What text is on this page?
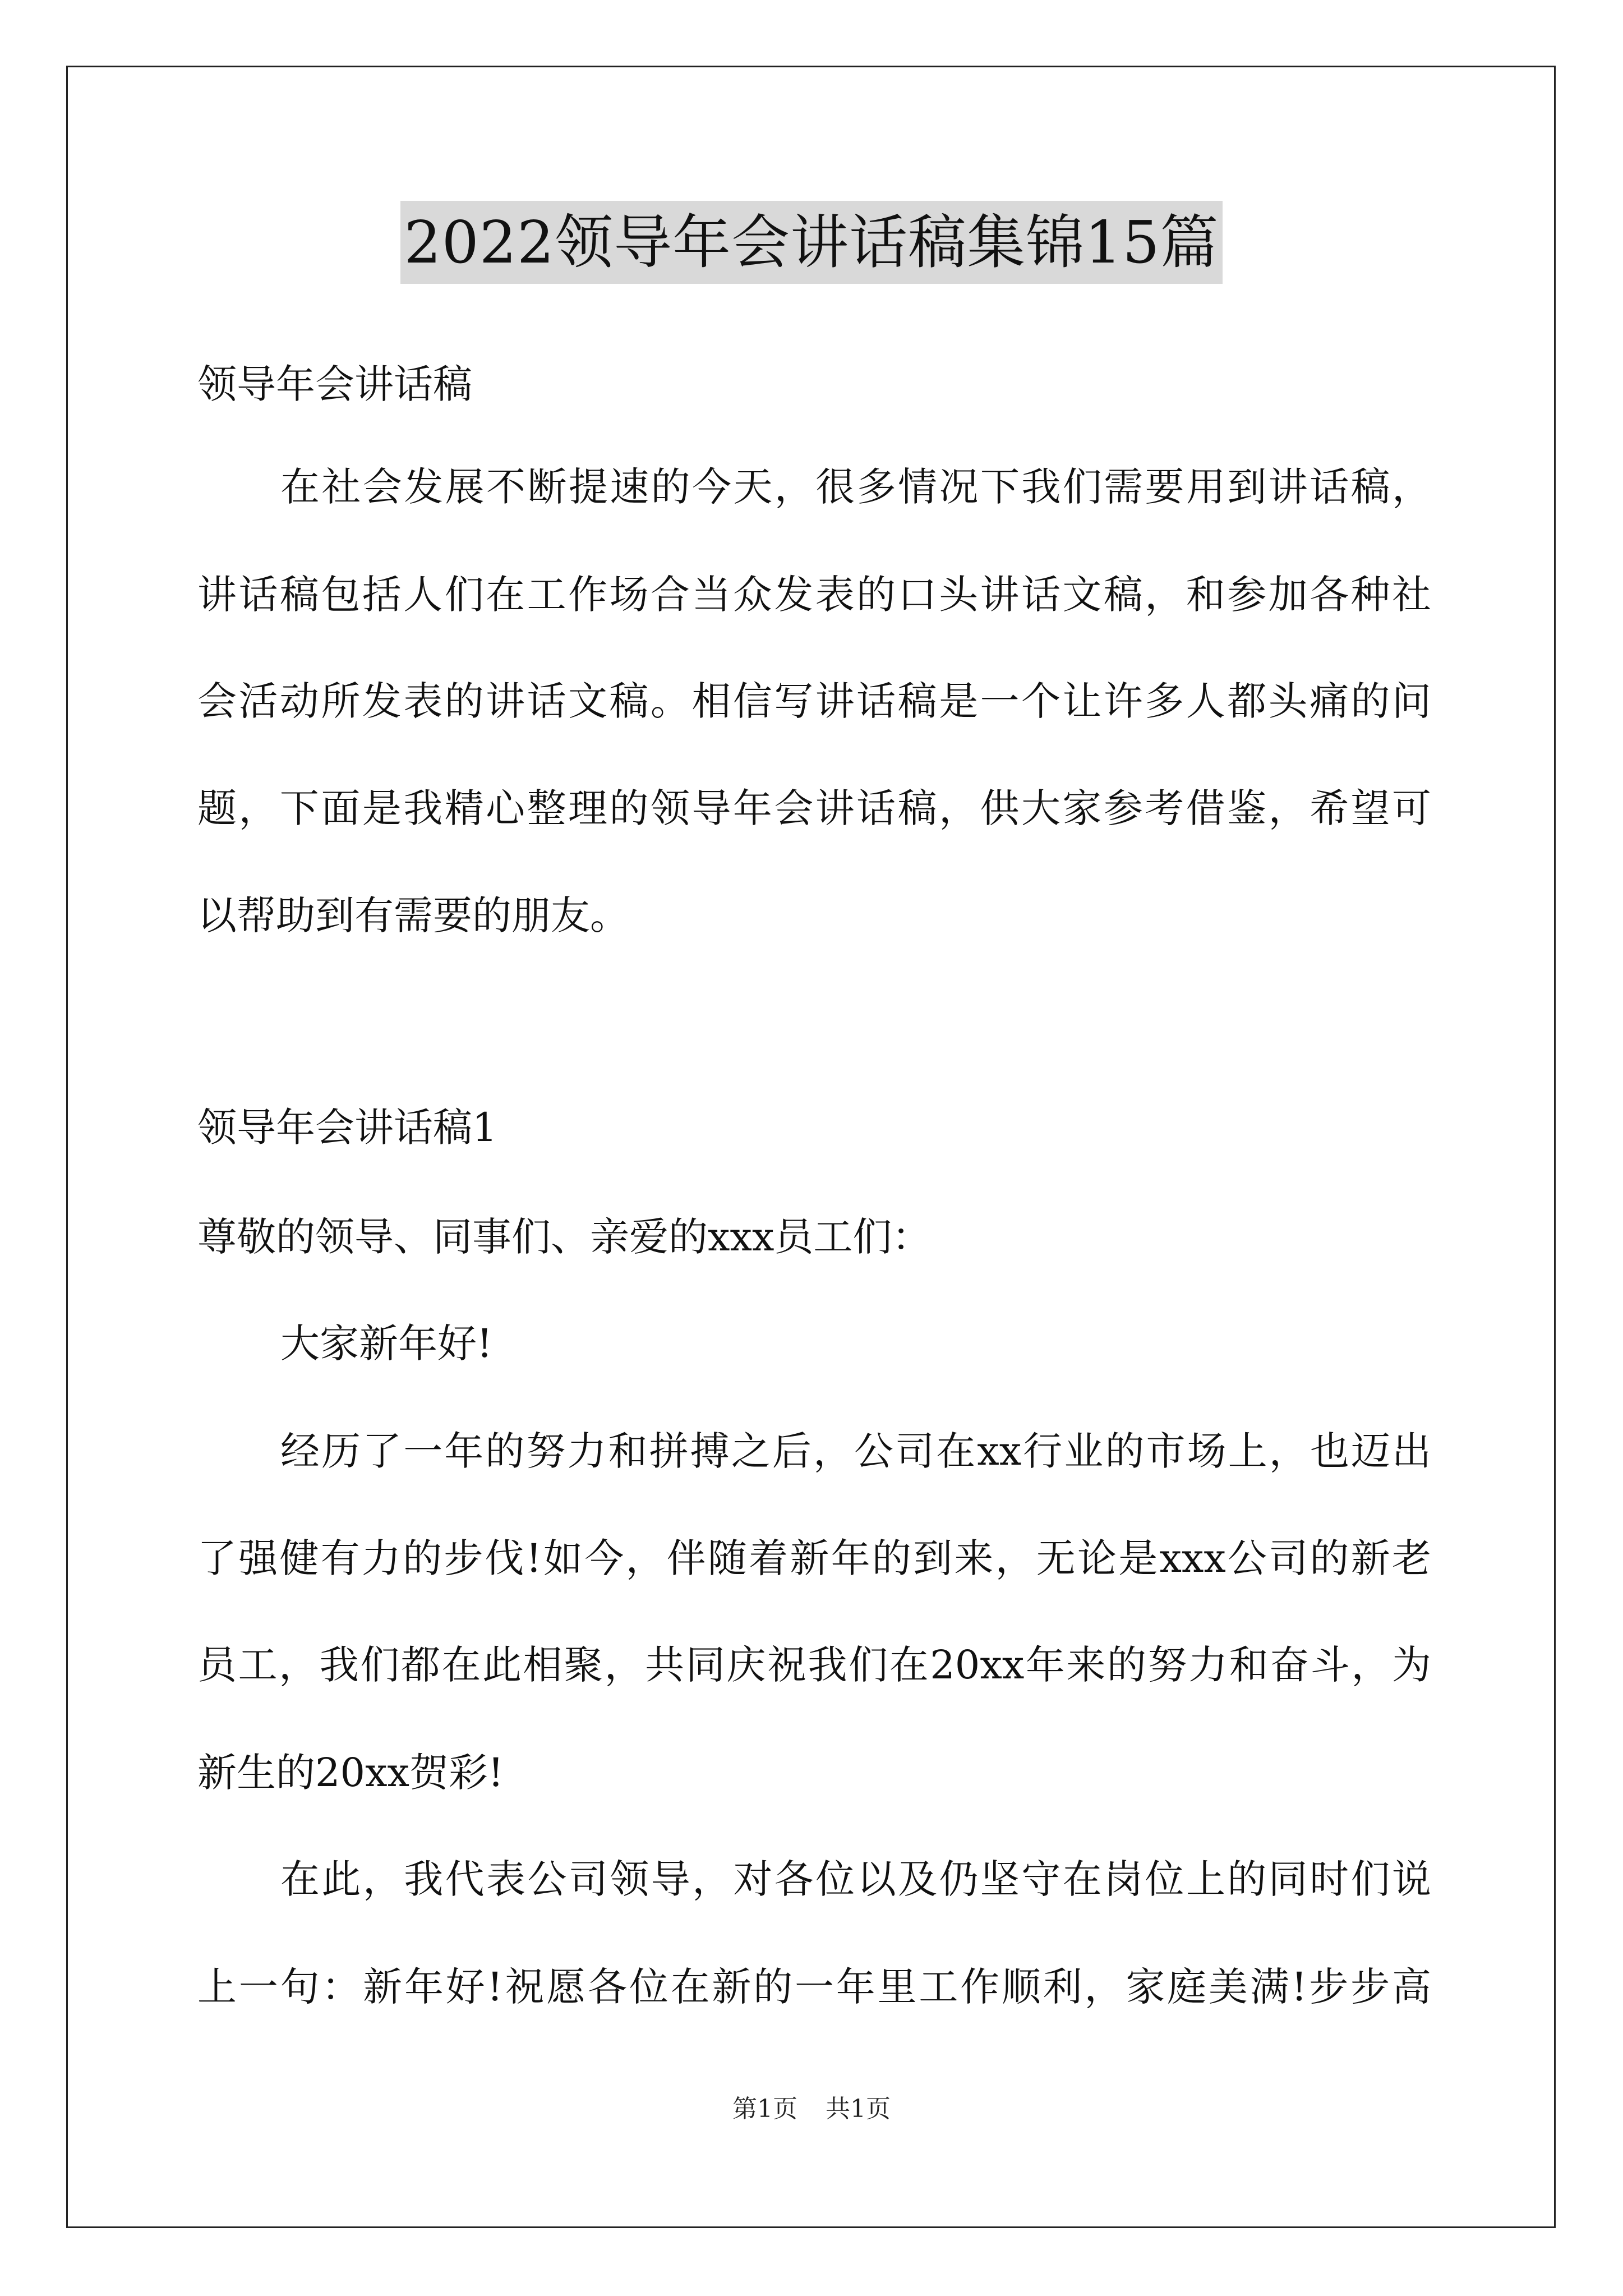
2022领导年会讲话稿集锦15篇
领导年会讲话稿
在社会发展不断提速的今天，很多情况下我们需要用到讲话稿，
讲话稿包括人们在工作场合当众发表的口头讲话文稿，和参加各种社
会活动所发表的讲话文稿。相信写讲话稿是一个让许多人都头痛的问
题，下面是我精心整理的领导年会讲话稿，供大家参考借鉴，希望可
以帮助到有需要的朋友。
领导年会讲话稿1
尊敬的领导、同事们、亲爱的xxx员工们：
大家新年好!
经历了一年的努力和拼搏之后，公司在xx行业的市场上，也迈出
了强健有力的步伐!如今，伴随着新年的到来，无论是xxx公司的新老
员工，我们都在此相聚，共同庆祝我们在20xx年来的努力和奋斗，为
新生的20xx贺彩!
在此，我代表公司领导，对各位以及仍坚守在岗位上的同时们说
上一句：新年好!祝愿各位在新的一年里工作顺利，家庭美满!步步高
第1页 共1页
